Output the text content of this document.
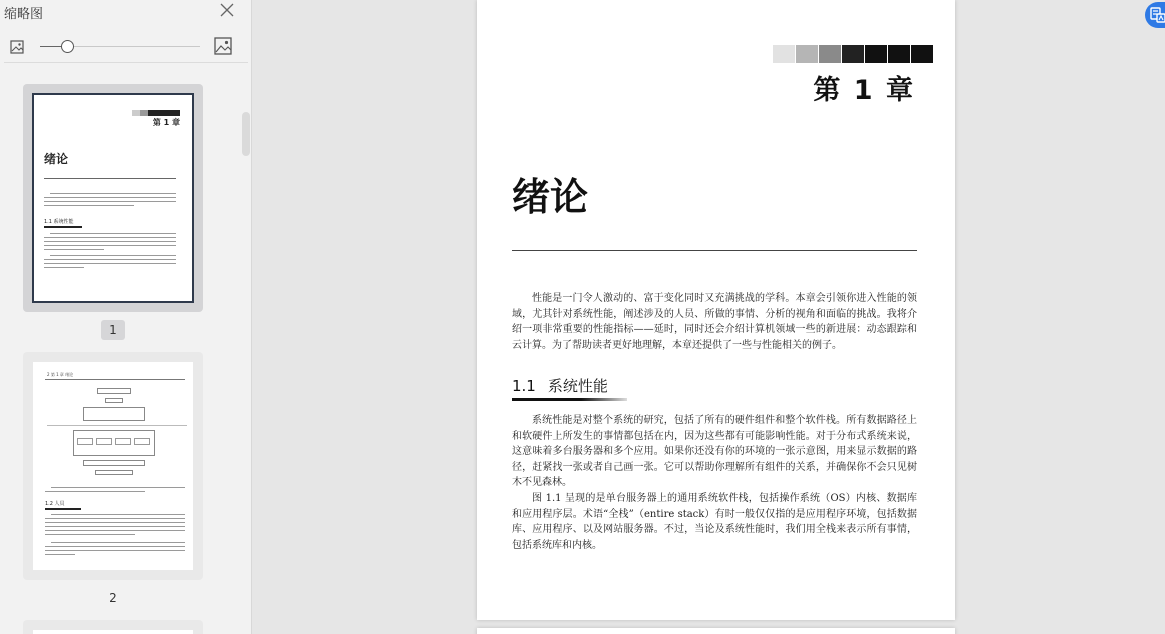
缩略图
第 1 章
绪论
1.1 系统性能
1
2 第 1 章 绪论
1.2 人员
2
第 1 章
绪论
性能是一门令人激动的、富于变化同时又充满挑战的学科。本章会引领你进入性能的领域，尤其针对系统性能，阐述涉及的人员、所做的事情、分析的视角和面临的挑战。我将介绍一项非常重要的性能指标——延时，同时还会介绍计算机领域一些的新进展：动态跟踪和云计算。为了帮助读者更好地理解，本章还提供了一些与性能相关的例子。
1.1 系统性能
系统性能是对整个系统的研究，包括了所有的硬件组件和整个软件栈。所有数据路径上和软硬件上所发生的事情都包括在内，因为这些都有可能影响性能。对于分布式系统来说，这意味着多台服务器和多个应用。如果你还没有你的环境的一张示意图，用来显示数据的路径，赶紧找一张或者自己画一张。它可以帮助你理解所有组件的关系，并确保你不会只见树木不见森林。
图 1.1 呈现的是单台服务器上的通用系统软件栈，包括操作系统（OS）内核、数据库和应用程序层。术语“全栈”（entire stack）有时一般仅仅指的是应用程序环境，包括数据库、应用程序、以及网站服务器。不过，当论及系统性能时，我们用全栈来表示所有事情，包括系统库和内核。
